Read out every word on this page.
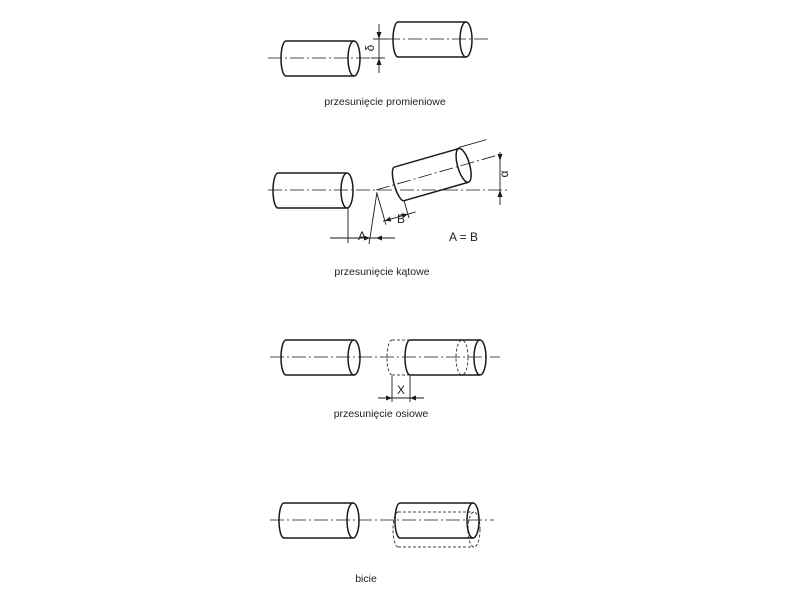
δ
przesunięcie promieniowe
α
A
B
A = B
przesunięcie kątowe
X
przesunięcie osiowe
bicie
